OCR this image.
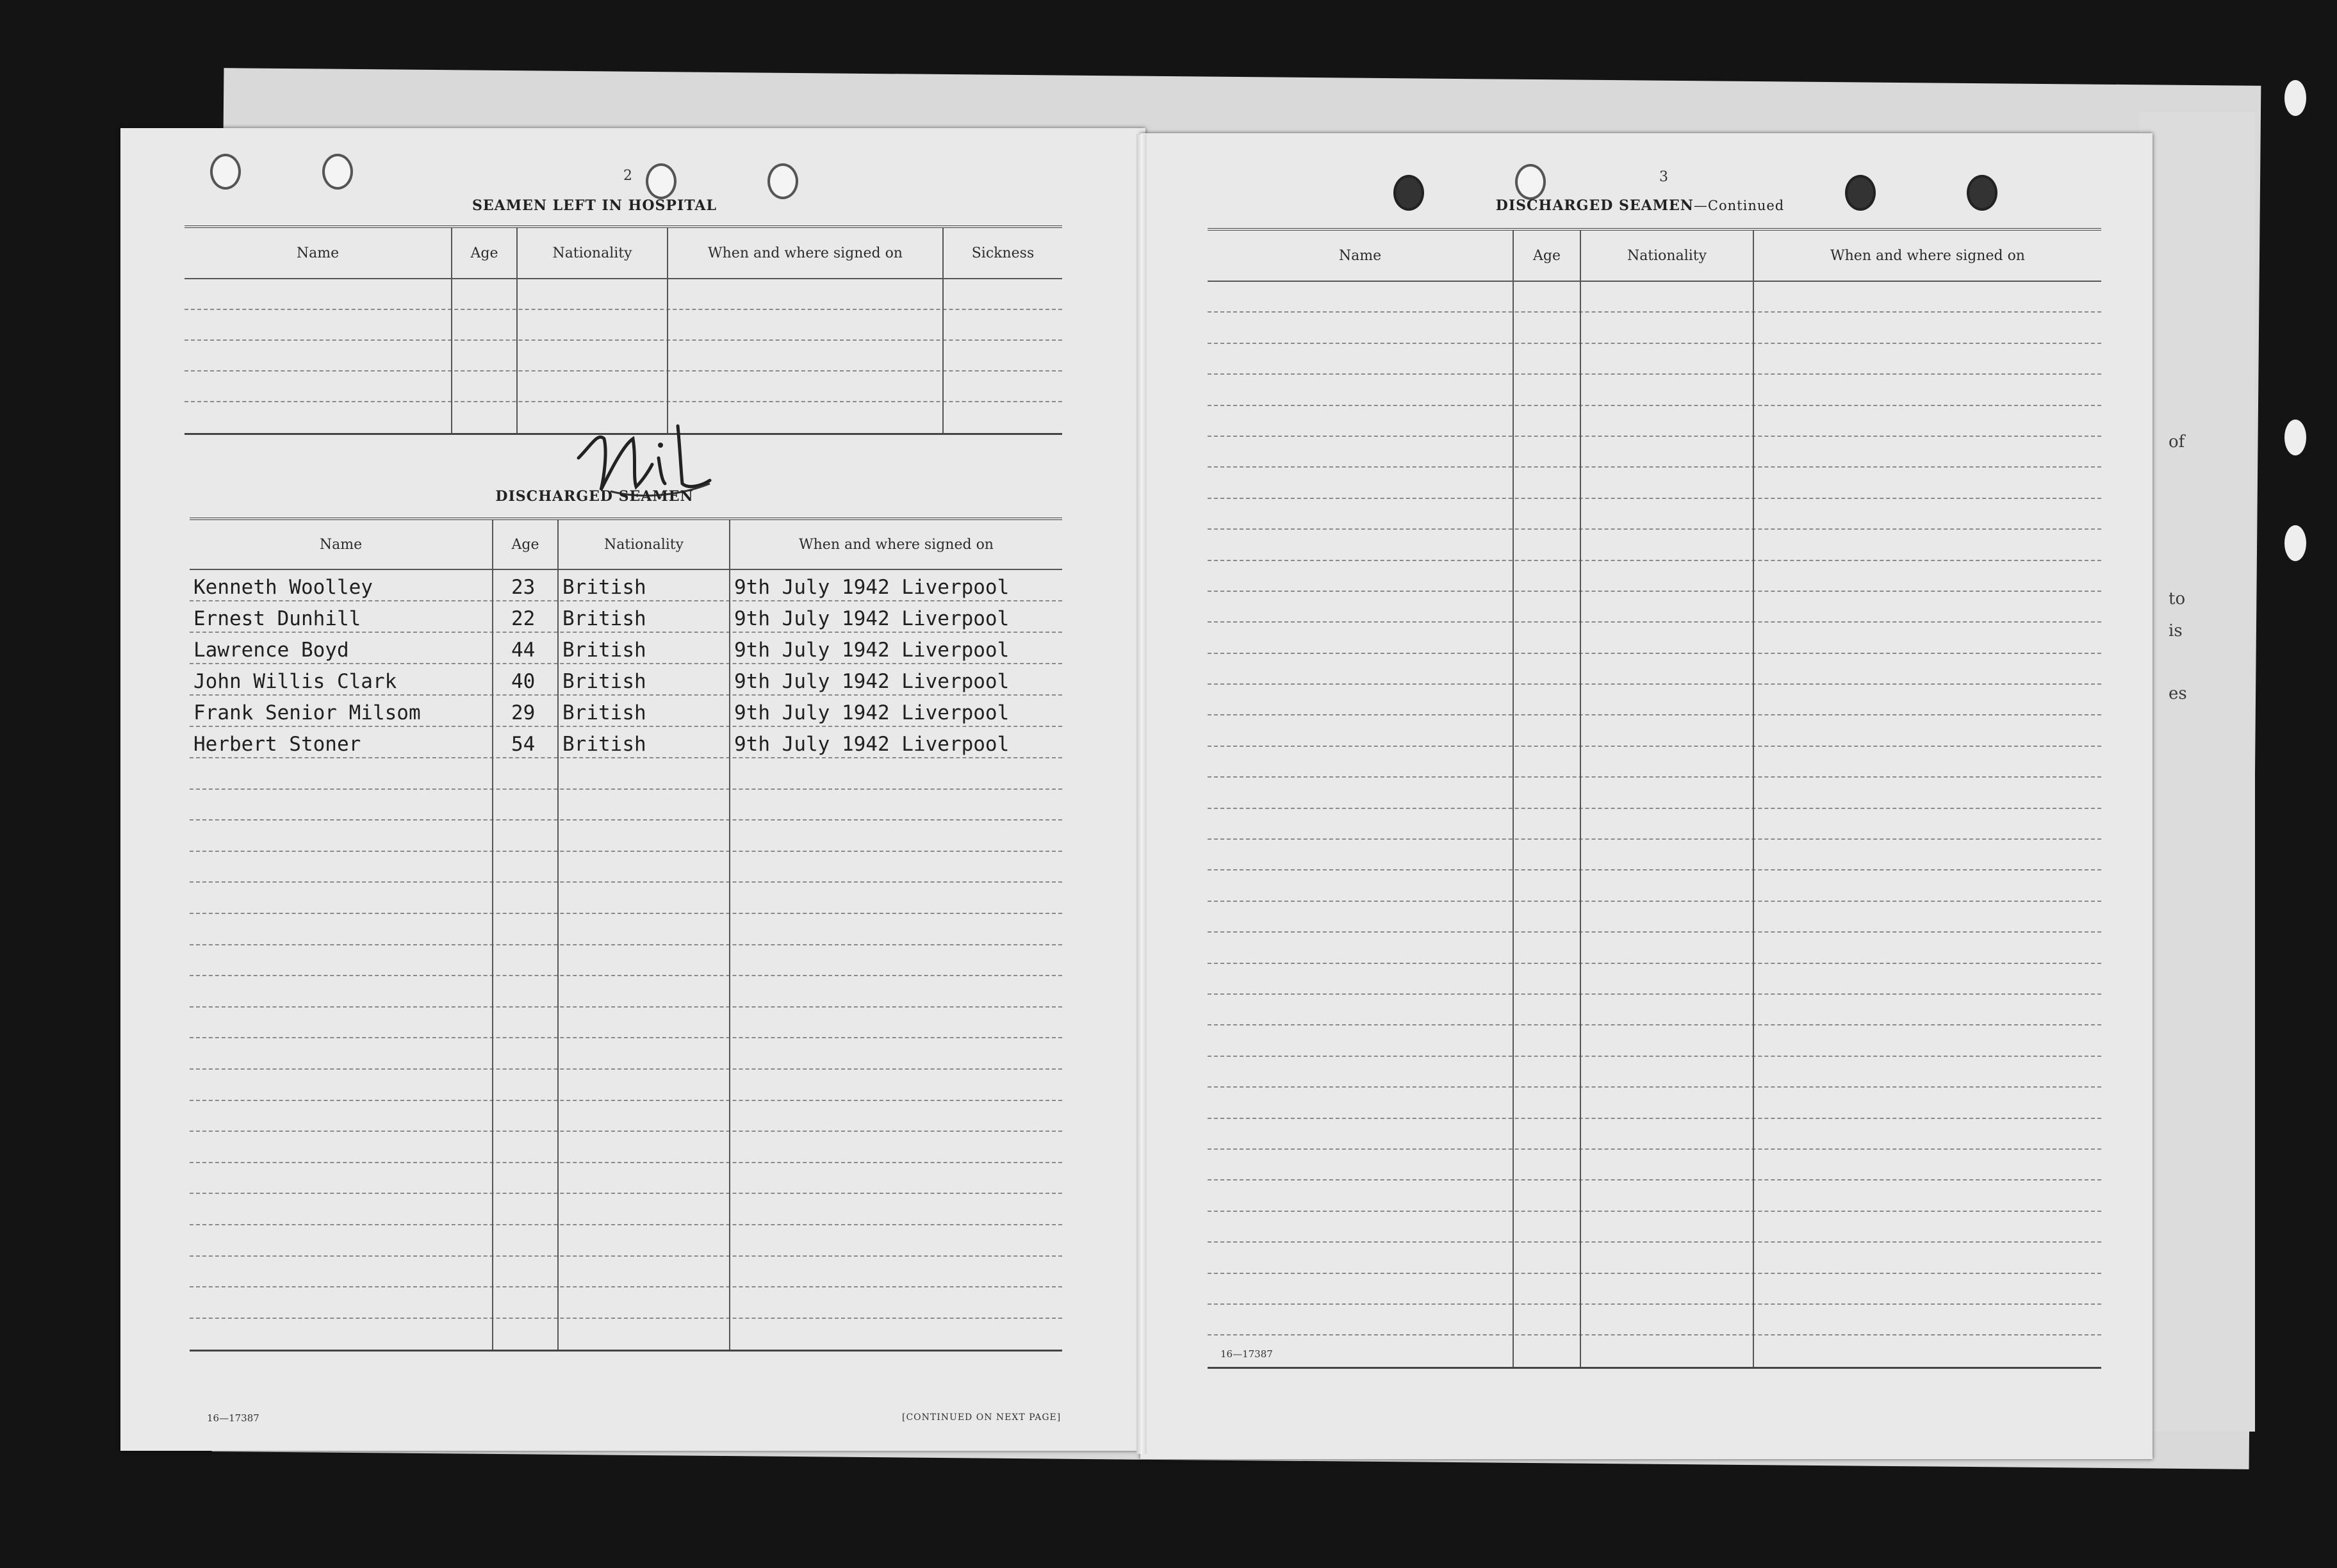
of
to
is
es
2
SEAMEN LEFT IN HOSPITAL
Name	Age	Nationality	When and where signed on	Sickness
Nil
DISCHARGED SEAMEN
Name	Age	Nationality	When and where signed on
Kenneth Woolley	23	British	9th July 1942 Liverpool
Ernest Dunhill	22	British	9th July 1942 Liverpool
Lawrence Boyd	44	British	9th July 1942 Liverpool
John Willis Clark	40	British	9th July 1942 Liverpool
Frank Senior Milsom	29	British	9th July 1942 Liverpool
Herbert Stoner	54	British	9th July 1942 Liverpool
16—17387	[CONTINUED ON NEXT PAGE]
3
DISCHARGED SEAMEN—Continued
Name	Age	Nationality	When and where signed on
16—17387
